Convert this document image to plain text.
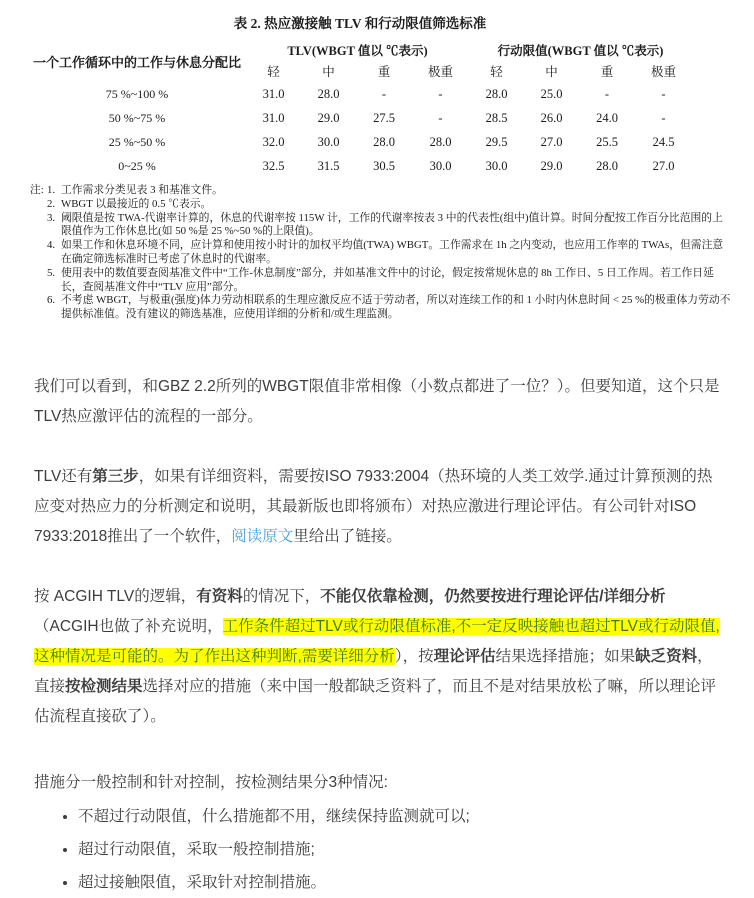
表 2. 热应激接触 TLV 和行动限值筛选标准
一个工作循环中的工作与休息分配比	TLV(WBGT 值以 ℃表示)				行动限值(WBGT 值以 ℃表示)			
	轻	中	重	极重	轻	中	重	极重
75 %~100 %	31.0	28.0	-	-	28.0	25.0	-	-
50 %~75 %	31.0	29.0	27.5	-	28.5	26.0	24.0	-
25 %~50 %	32.0	30.0	28.0	28.0	29.5	27.0	25.5	24.5
0~25 %	32.5	31.5	30.5	30.0	30.0	29.0	28.0	27.0
注: 1. 工作需求分类见表 3 和基准文件。
2. WBGT 以最接近的 0.5 ℃表示。
3. 阈限值是按 TWA-代谢率计算的，休息的代谢率按 115W 计，工作的代谢率按表 3 中的代表性(组中)值计算。时间分配按工作百分比范围的上限值作为工作休息比(如 50 %是 25 %~50 %的上限值)。
4. 如果工作和休息环境不同，应计算和使用按小时计的加权平均值(TWA) WBGT。工作需求在 1h 之内变动，也应用工作率的 TWAs，但需注意在确定筛选标准时已考虑了休息时的代谢率。
5. 使用表中的数值要查阅基准文件中“工作-休息制度”部分，并如基准文件中的讨论，假定按常规休息的 8h 工作日、5 日工作周。若工作日延长，查阅基准文件中“TLV 应用”部分。
6. 不考虑 WBGT，与极重(强度)体力劳动相联系的生理应激反应不适于劳动者，所以对连续工作的和 1 小时内休息时间 < 25 %的极重体力劳动不提供标准值。没有建议的筛选基准，应使用详细的分析和/或生理监测。

我们可以看到，和GBZ 2.2所列的WBGT限值非常相像（小数点都进了一位？）。但要知道，这个只是TLV热应激评估的流程的一部分。

TLV还有第三步，如果有详细资料，需要按ISO 7933:2004（热环境的人类工效学.通过计算预测的热应变对热应力的分析测定和说明，其最新版也即将颁布）对热应激进行理论评估。有公司针对ISO 7933:2018推出了一个软件，阅读原文里给出了链接。

按 ACGIH TLV的逻辑，有资料的情况下，不能仅依靠检测，仍然要按进行理论评估/详细分析（ACGIH也做了补充说明，工作条件超过TLV或行动限值标准,不一定反映接触也超过TLV或行动限值,这种情况是可能的。为了作出这种判断,需要详细分析），按理论评估结果选择措施；如果缺乏资料，直接按检测结果选择对应的措施（来中国一般都缺乏资料了，而且不是对结果放松了嘛，所以理论评估流程直接砍了）。

措施分一般控制和针对控制，按检测结果分3种情况:

• 不超过行动限值，什么措施都不用，继续保持监测就可以;
• 超过行动限值，采取一般控制措施;
• 超过接触限值，采取针对控制措施。
